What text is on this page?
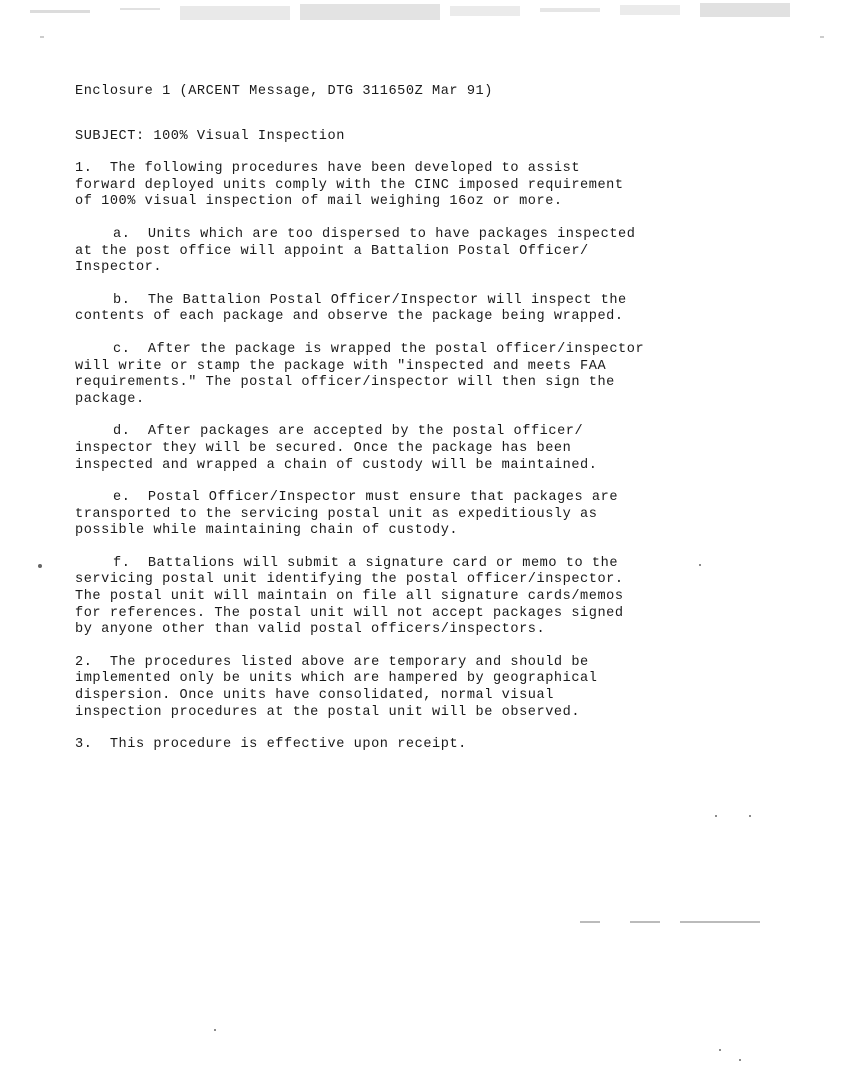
Enclosure 1 (ARCENT Message, DTG 311650Z Mar 91)

SUBJECT: 100% Visual Inspection

1. The following procedures have been developed to assist
forward deployed units comply with the CINC imposed requirement
of 100% visual inspection of mail weighing 16oz or more.

a. Units which are too dispersed to have packages inspected
at the post office will appoint a Battalion Postal Officer/
Inspector.

b. The Battalion Postal Officer/Inspector will inspect the
contents of each package and observe the package being wrapped.

c. After the package is wrapped the postal officer/inspector
will write or stamp the package with "inspected and meets FAA
requirements." The postal officer/inspector will then sign the
package.

d. After packages are accepted by the postal officer/
inspector they will be secured. Once the package has been
inspected and wrapped a chain of custody will be maintained.

e. Postal Officer/Inspector must ensure that packages are
transported to the servicing postal unit as expeditiously as
possible while maintaining chain of custody.

f. Battalions will submit a signature card or memo to the
servicing postal unit identifying the postal officer/inspector.
The postal unit will maintain on file all signature cards/memos
for references. The postal unit will not accept packages signed
by anyone other than valid postal officers/inspectors.

2. The procedures listed above are temporary and should be
implemented only be units which are hampered by geographical
dispersion. Once units have consolidated, normal visual
inspection procedures at the postal unit will be observed.

3. This procedure is effective upon receipt.
